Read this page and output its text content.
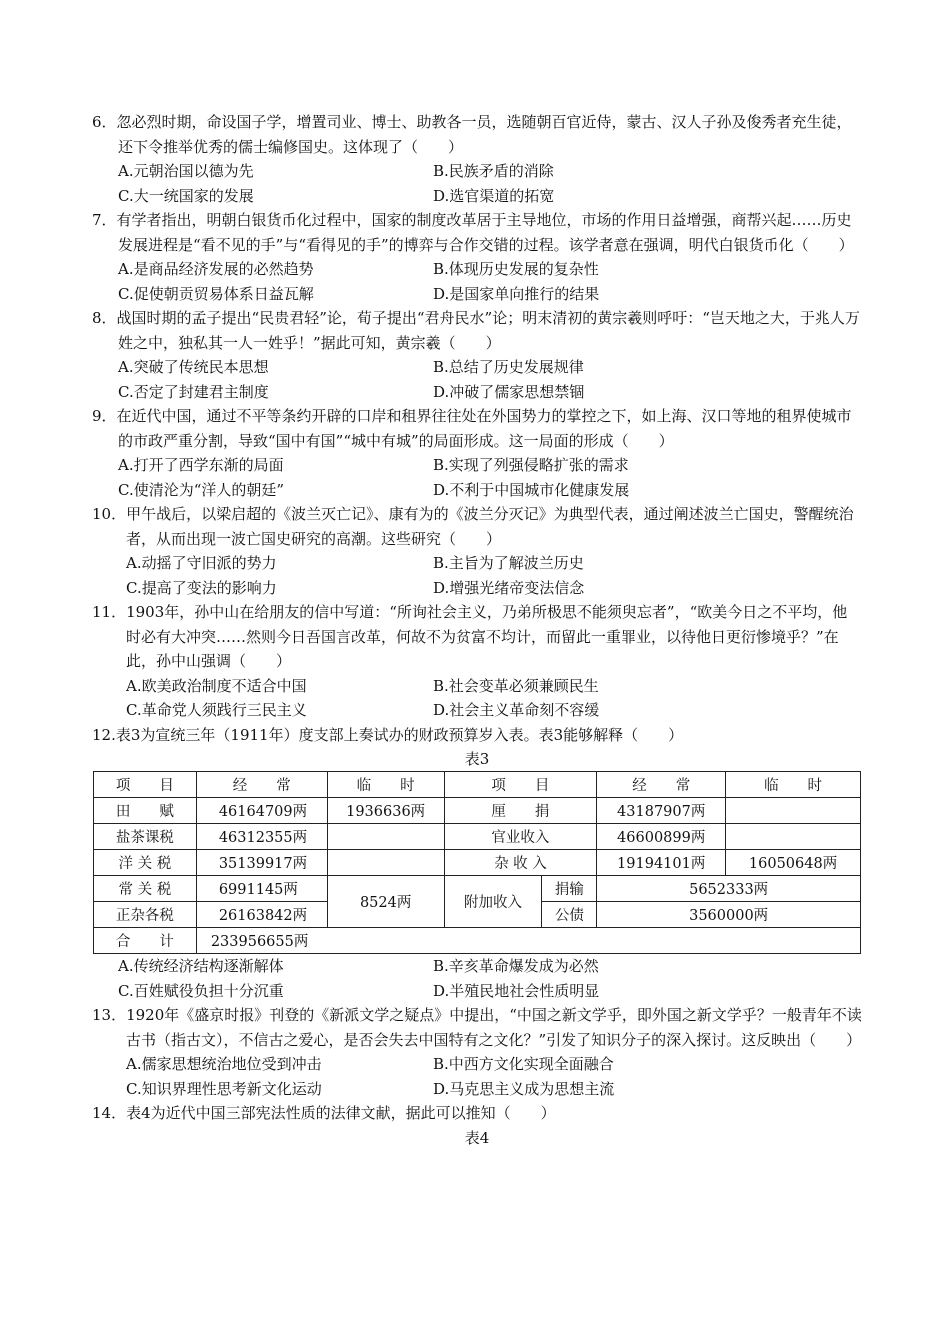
6．忽必烈时期，命设国子学，增置司业、博士、助教各一员，选随朝百官近侍，蒙古、汉人子孙及俊秀者充生徒，还下令推举优秀的儒士编修国史。这体现了（　　）

A.元朝治国以德为先	B.民族矛盾的消除
C.大一统国家的发展	D.选官渠道的拓宽

7．有学者指出，明朝白银货币化过程中，国家的制度改革居于主导地位，市场的作用日益增强，商帮兴起……历史发展进程是“看不见的手”与“看得见的手”的博弈与合作交错的过程。该学者意在强调，明代白银货币化（　　）

A.是商品经济发展的必然趋势	B.体现历史发展的复杂性
C.促使朝贡贸易体系日益瓦解	D.是国家单向推行的结果

8．战国时期的孟子提出“民贵君轻”论，荀子提出“君舟民水”论；明末清初的黄宗羲则呼吁：“岂天地之大，于兆人万姓之中，独私其一人一姓乎！”据此可知，黄宗羲（　　）

A.突破了传统民本思想	B.总结了历史发展规律
C.否定了封建君主制度	D.冲破了儒家思想禁锢

9．在近代中国，通过不平等条约开辟的口岸和租界往往处在外国势力的掌控之下，如上海、汉口等地的租界使城市的市政严重分割，导致“国中有国”“城中有城”的局面形成。这一局面的形成（　　）

A.打开了西学东渐的局面	B.实现了列强侵略扩张的需求
C.使清沦为“洋人的朝廷”	D.不利于中国城市化健康发展

10．甲午战后，以梁启超的《波兰灭亡记》、康有为的《波兰分灭记》为典型代表，通过阐述波兰亡国史，警醒统治者，从而出现一波亡国史研究的高潮。这些研究（　　）

A.动摇了守旧派的势力	B.主旨为了解波兰历史
C.提高了变法的影响力	D.增强光绪帝变法信念

11．1903年，孙中山在给朋友的信中写道：“所询社会主义，乃弟所极思不能须臾忘者”，“欧美今日之不平均，他时必有大冲突……然则今日吾国言改革，何故不为贫富不均计，而留此一重罪业，以待他日更衍惨境乎？”在此，孙中山强调（　　）

A.欧美政治制度不适合中国	B.社会变革必须兼顾民生
C.革命党人须践行三民主义	D.社会主义革命刻不容缓

12.表3为宣统三年（1911年）度支部上奏试办的财政预算岁入表。表3能够解释（　　）

表3
项　　目	经　　常	临　　时	项　　目		经　　常	临　　时
田　　赋	46164709两	1936636两	厘　　捐		43187907两	
盐茶课税	46312355两		官业收入		46600899两	
洋 关 税	35139917两		杂 收 入		19194101两	16050648两
常 关 税	6991145两	8524两	附加收入	捐输	5652333两	
正杂各税	26163842两			公债	3560000两	
合　　计	233956655两					
A.传统经济结构逐渐解体	B.辛亥革命爆发成为必然
C.百姓赋役负担十分沉重	D.半殖民地社会性质明显

13．1920年《盛京时报》刊登的《新派文学之疑点》中提出，“中国之新文学乎，即外国之新文学乎？一般青年不读古书（指古文），不信古之爱心，是否会失去中国特有之文化？”引发了知识分子的深入探讨。这反映出（　　）

A.儒家思想统治地位受到冲击	B.中西方文化实现全面融合
C.知识界理性思考新文化运动	D.马克思主义成为思想主流

14．表4为近代中国三部宪法性质的法律文献，据此可以推知（　　）

表4
